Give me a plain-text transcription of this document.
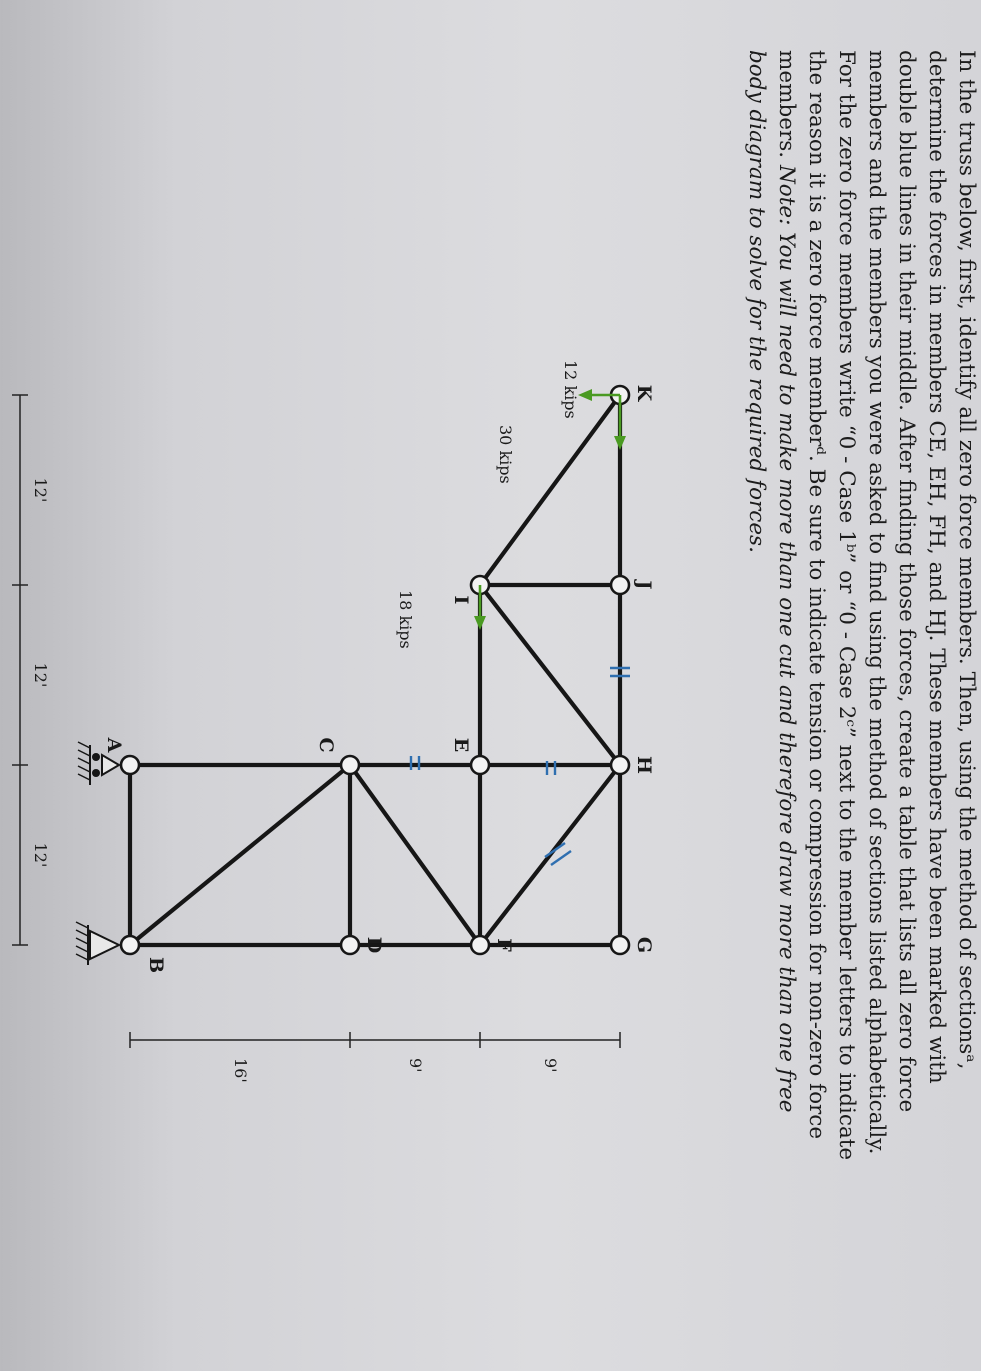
In the truss below, first, identify all zero force members. Then, using the method of sectionsᵃ,
determine the forces in members CE, EH, FH, and HJ. These members have been marked with
double blue lines in their middle. After finding those forces, create a table that lists all zero force
members and the members you were asked to find using the method of sections listed alphabetically.
For the zero force members write “0 - Case 1ᵇ” or “0 - Case 2ᶜ” next to the member letters to indicate
the reason it is a zero force memberᵈ. Be sure to indicate tension or compression for non-zero force
members. Note: You will need to make more than one cut and therefore draw more than one free
body diagram to solve for the required forces.
K
J
H
G
I
E
F
C
D
A
B
12 kips
30 kips
18 kips
12'
12'
12'
9'
9'
16'
